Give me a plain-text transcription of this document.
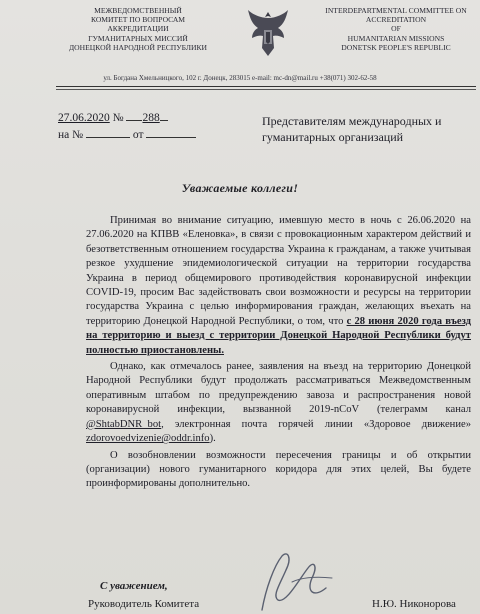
МЕЖВЕДОМСТВЕННЫЙ
КОМИТЕТ ПО ВОПРОСАМ
АККРЕДИТАЦИИ
ГУМАНИТАРНЫХ МИССИЙ
ДОНЕЦКОЙ НАРОДНОЙ РЕСПУБЛИКИ
INTERDEPARTMENTAL COMMITTEE ON
ACCREDITATION
OF
HUMANITARIAN MISSIONS
DONETSK PEOPLE'S REPUBLIC
ул. Богдана Хмельницкого, 102 г. Донецк, 283015 e-mail: mc-dn@mail.ru +38(071) 302-62-58
27.06.2020 № 288
на №	от
Представителям международных и гуманитарных организаций
Уважаемые коллеги!

Принимая во внимание ситуацию, имевшую место в ночь с 26.06.2020 на 27.06.2020 на КПВВ «Еленовка», в связи с провокационным характером действий и безответственным отношением государства Украина к гражданам, а также учитывая резкое ухудшение эпидемиологической ситуации на территории государства Украина в период общемирового противодействия коронавирусной инфекции COVID-19, просим Вас задействовать свои возможности и ресурсы на территории государства Украина с целью информирования граждан, желающих въехать на территорию Донецкой Народной Республики, о том, что с 28 июня 2020 года въезд на территорию и выезд с территории Донецкой Народной Республики будут полностью приостановлены.

Однако, как отмечалось ранее, заявления на въезд на территорию Донецкой Народной Республики будут продолжать рассматриваться Межведомственным оперативным штабом по предупреждению завоза и распространения новой коронавирусной инфекции, вызванной 2019-nCoV (телеграмм канал @ShtabDNR_bot, электронная почта горячей линии «Здоровое движение» zdorovoedvizenie@oddr.info).

О возобновлении возможности пересечения границы и об открытии (организации) нового гуманитарного коридора для этих целей, Вы будете проинформированы дополнительно.

С уважением,
Руководитель Комитета	Н.Ю. Никонорова
